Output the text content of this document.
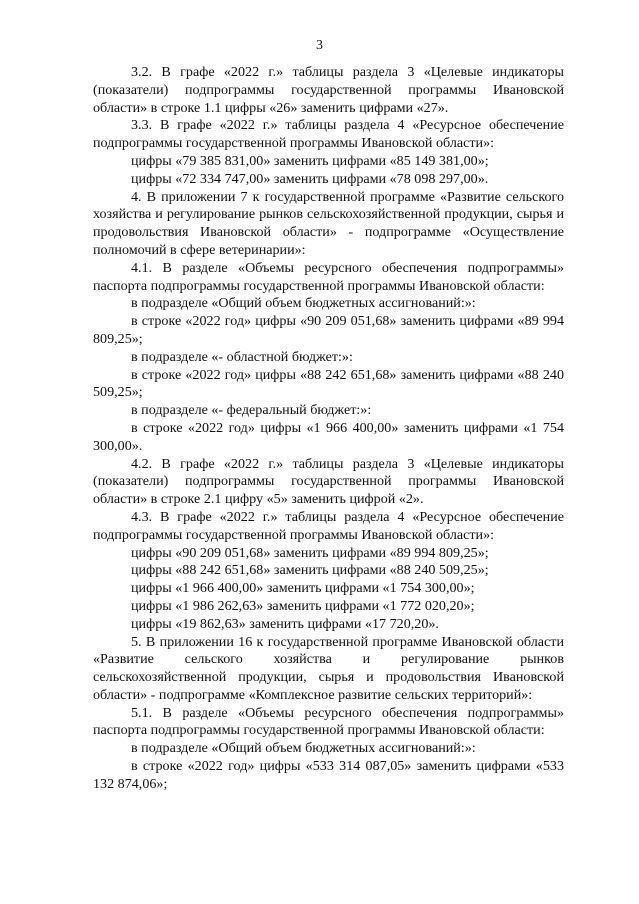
3

3.2. В графе «2022 г.» таблицы раздела 3 «Целевые индикаторы (показатели) подпрограммы государственной программы Ивановской области» в строке 1.1 цифры «26» заменить цифрами «27».

3.3. В графе «2022 г.» таблицы раздела 4 «Ресурсное обеспечение подпрограммы государственной программы Ивановской области»:

цифры «79 385 831,00» заменить цифрами «85 149 381,00»;

цифры «72 334 747,00» заменить цифрами «78 098 297,00».

4. В приложении 7 к государственной программе «Развитие сельского хозяйства и регулирование рынков сельскохозяйственной продукции, сырья и продовольствия Ивановской области» - подпрограмме «Осуществление полномочий в сфере ветеринарии»:

4.1. В разделе «Объемы ресурсного обеспечения подпрограммы» паспорта подпрограммы государственной программы Ивановской области:

в подразделе «Общий объем бюджетных ассигнований:»:

в строке «2022 год» цифры «90 209 051,68» заменить цифрами «89 994 809,25»;

в подразделе «- областной бюджет:»:

в строке «2022 год» цифры «88 242 651,68» заменить цифрами «88 240 509,25»;

в подразделе «- федеральный бюджет:»:

в строке «2022 год» цифры «1 966 400,00» заменить цифрами «1 754 300,00».

4.2. В графе «2022 г.» таблицы раздела 3 «Целевые индикаторы (показатели) подпрограммы государственной программы Ивановской области» в строке 2.1 цифру «5» заменить цифрой «2».

4.3. В графе «2022 г.» таблицы раздела 4 «Ресурсное обеспечение подпрограммы государственной программы Ивановской области»:

цифры «90 209 051,68» заменить цифрами «89 994 809,25»;

цифры «88 242 651,68» заменить цифрами «88 240 509,25»;

цифры «1 966 400,00» заменить цифрами «1 754 300,00»;

цифры «1 986 262,63» заменить цифрами «1 772 020,20»;

цифры «19 862,63» заменить цифрами «17 720,20».

5. В приложении 16 к государственной программе Ивановской области «Развитие сельского хозяйства и регулирование рынков сельскохозяйственной продукции, сырья и продовольствия Ивановской области» - подпрограмме «Комплексное развитие сельских территорий»:

5.1. В разделе «Объемы ресурсного обеспечения подпрограммы» паспорта подпрограммы государственной программы Ивановской области:

в подразделе «Общий объем бюджетных ассигнований:»:

в строке «2022 год» цифры «533 314 087,05» заменить цифрами «533 132 874,06»;
